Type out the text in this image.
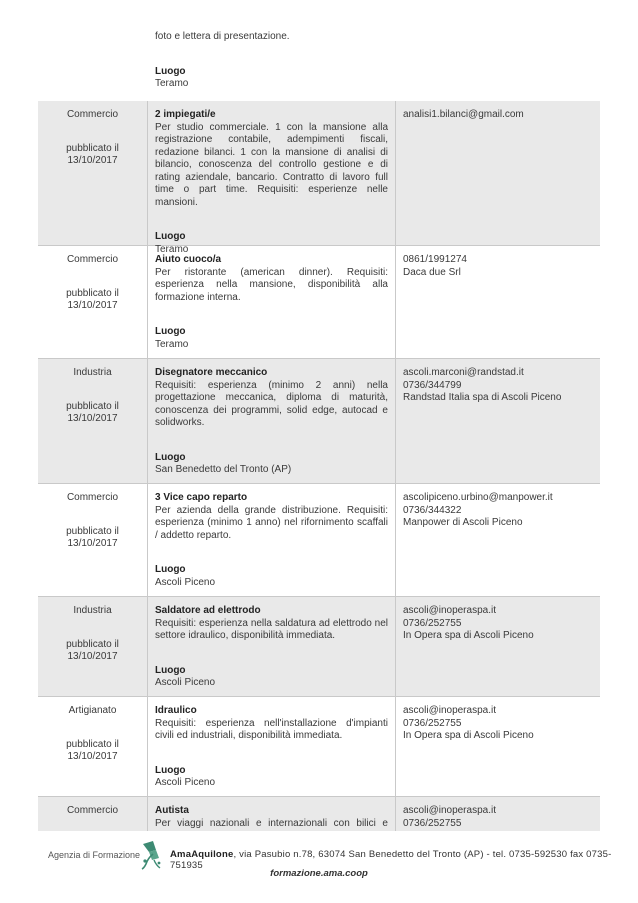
foto e lettera di presentazione.
Luogo
Teramo
Commercio
pubblicato il
13/10/2017
2 impiegati/e
Per studio commerciale. 1 con la mansione alla registrazione contabile, adempimenti fiscali, redazione bilanci. 1 con la mansione di analisi di bilancio, conoscenza del controllo gestione e di rating aziendale, bancario. Contratto di lavoro full time o part time. Requisiti: esperienze nelle mansioni.
Luogo
Teramo
analisi1.bilanci@gmail.com
Commercio
pubblicato il
13/10/2017
Aiuto cuoco/a
Per ristorante (american dinner). Requisiti: esperienza nella mansione, disponibilità alla formazione interna.
Luogo
Teramo
0861/1991274
Daca due Srl
Industria
pubblicato il
13/10/2017
Disegnatore meccanico
Requisiti: esperienza (minimo 2 anni) nella progettazione meccanica, diploma di maturità, conoscenza dei programmi, solid edge, autocad e solidworks.
Luogo
San Benedetto del Tronto (AP)
ascoli.marconi@randstad.it
0736/344799
Randstad Italia spa di Ascoli Piceno
Commercio
pubblicato il
13/10/2017
3 Vice capo reparto
Per azienda della grande distribuzione. Requisiti: esperienza (minimo 1 anno) nel rifornimento scaffali / addetto reparto.
Luogo
Ascoli Piceno
ascolipiceno.urbino@manpower.it
0736/344322
Manpower di Ascoli Piceno
Industria
pubblicato il
13/10/2017
Saldatore ad elettrodo
Requisiti: esperienza nella saldatura ad elettrodo nel settore idraulico, disponibilità immediata.
Luogo
Ascoli Piceno
ascoli@inoperaspa.it
0736/252755
In Opera spa di Ascoli Piceno
Artigianato
pubblicato il
13/10/2017
Idraulico
Requisiti: esperienza nell'installazione d'impianti civili ed industriali, disponibilità immediata.
Luogo
Ascoli Piceno
ascoli@inoperaspa.it
0736/252755
In Opera spa di Ascoli Piceno
Commercio	Autista
Per viaggi nazionali e internazionali con bilici e
ascoli@inoperaspa.it
0736/252755
Agenzia di Formazione	AmaAquilone, via Pasubio n.78, 63074 San Benedetto del Tronto (AP) - tel. 0735-592530 fax 0735-751935
formazione.ama.coop
